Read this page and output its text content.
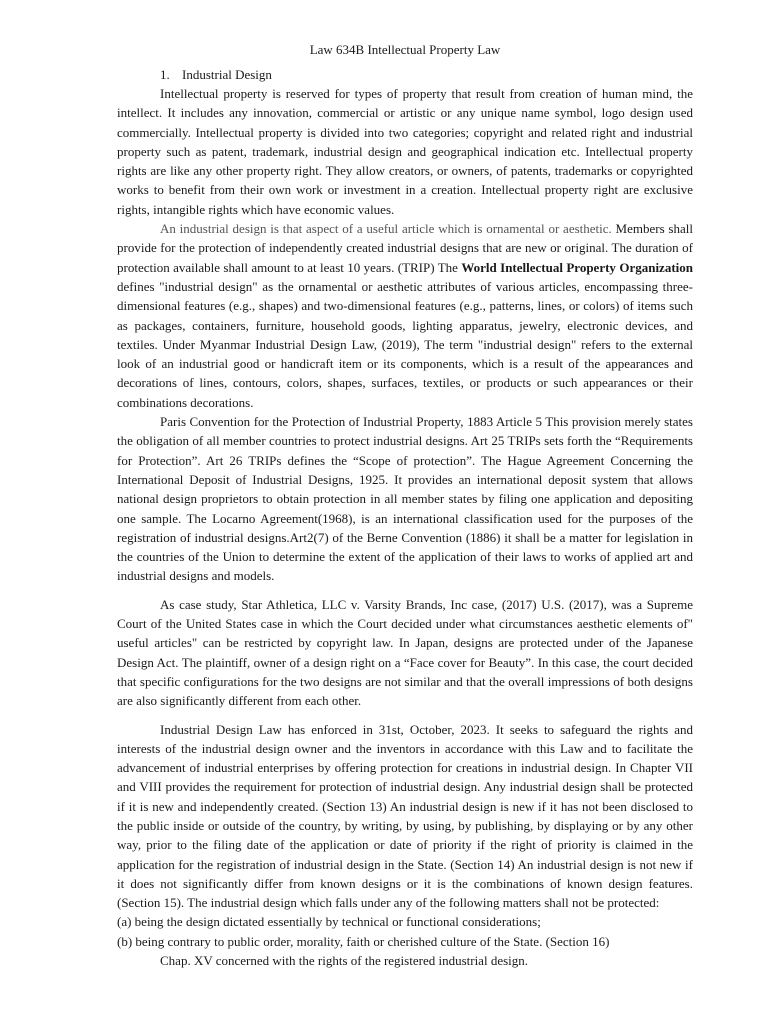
Law 634B Intellectual Property Law
1. Industrial Design

Intellectual property is reserved for types of property that result from creation of human mind, the intellect. It includes any innovation, commercial or artistic or any unique name symbol, logo design used commercially. Intellectual property is divided into two categories; copyright and related right and industrial property such as patent, trademark, industrial design and geographical indication etc. Intellectual property rights are like any other property right. They allow creators, or owners, of patents, trademarks or copyrighted works to benefit from their own work or investment in a creation. Intellectual property right are exclusive rights, intangible rights which have economic values.

An industrial design is that aspect of a useful article which is ornamental or aesthetic. Members shall provide for the protection of independently created industrial designs that are new or original. The duration of protection available shall amount to at least 10 years. (TRIP) The World Intellectual Property Organization defines "industrial design" as the ornamental or aesthetic attributes of various articles, encompassing three-dimensional features (e.g., shapes) and two-dimensional features (e.g., patterns, lines, or colors) of items such as packages, containers, furniture, household goods, lighting apparatus, jewelry, electronic devices, and textiles. Under Myanmar Industrial Design Law, (2019), The term "industrial design" refers to the external look of an industrial good or handicraft item or its components, which is a result of the appearances and decorations of lines, contours, colors, shapes, surfaces, textiles, or products or such appearances or their combinations decorations.

Paris Convention for the Protection of Industrial Property, 1883 Article 5 This provision merely states the obligation of all member countries to protect industrial designs. Art 25 TRIPs sets forth the “Requirements for Protection”. Art 26 TRIPs defines the “Scope of protection”. The Hague Agreement Concerning the International Deposit of Industrial Designs, 1925. It provides an international deposit system that allows national design proprietors to obtain protection in all member states by filing one application and depositing one sample. The Locarno Agreement(1968), is an international classification used for the purposes of the registration of industrial designs.Art2(7) of the Berne Convention (1886) it shall be a matter for legislation in the countries of the Union to determine the extent of the application of their laws to works of applied art and industrial designs and models.

As case study, Star Athletica, LLC v. Varsity Brands, Inc case, (2017) U.S. (2017), was a Supreme Court of the United States case in which the Court decided under what circumstances aesthetic elements of" useful articles" can be restricted by copyright law. In Japan, designs are protected under of the Japanese Design Act. The plaintiff, owner of a design right on a “Face cover for Beauty”. In this case, the court decided that specific configurations for the two designs are not similar and that the overall impressions of both designs are also significantly different from each other.

Industrial Design Law has enforced in 31st, October, 2023. It seeks to safeguard the rights and interests of the industrial design owner and the inventors in accordance with this Law and to facilitate the advancement of industrial enterprises by offering protection for creations in industrial design. In Chapter VII and VIII provides the requirement for protection of industrial design. Any industrial design shall be protected if it is new and independently created. (Section 13) An industrial design is new if it has not been disclosed to the public inside or outside of the country, by writing, by using, by publishing, by displaying or by any other way, prior to the filing date of the application or date of priority if the right of priority is claimed in the application for the registration of industrial design in the State. (Section 14) An industrial design is not new if it does not significantly differ from known designs or it is the combinations of known design features. (Section 15). The industrial design which falls under any of the following matters shall not be protected:

(a) being the design dictated essentially by technical or functional considerations;

(b) being contrary to public order, morality, faith or cherished culture of the State. (Section 16)

Chap. XV concerned with the rights of the registered industrial design.
